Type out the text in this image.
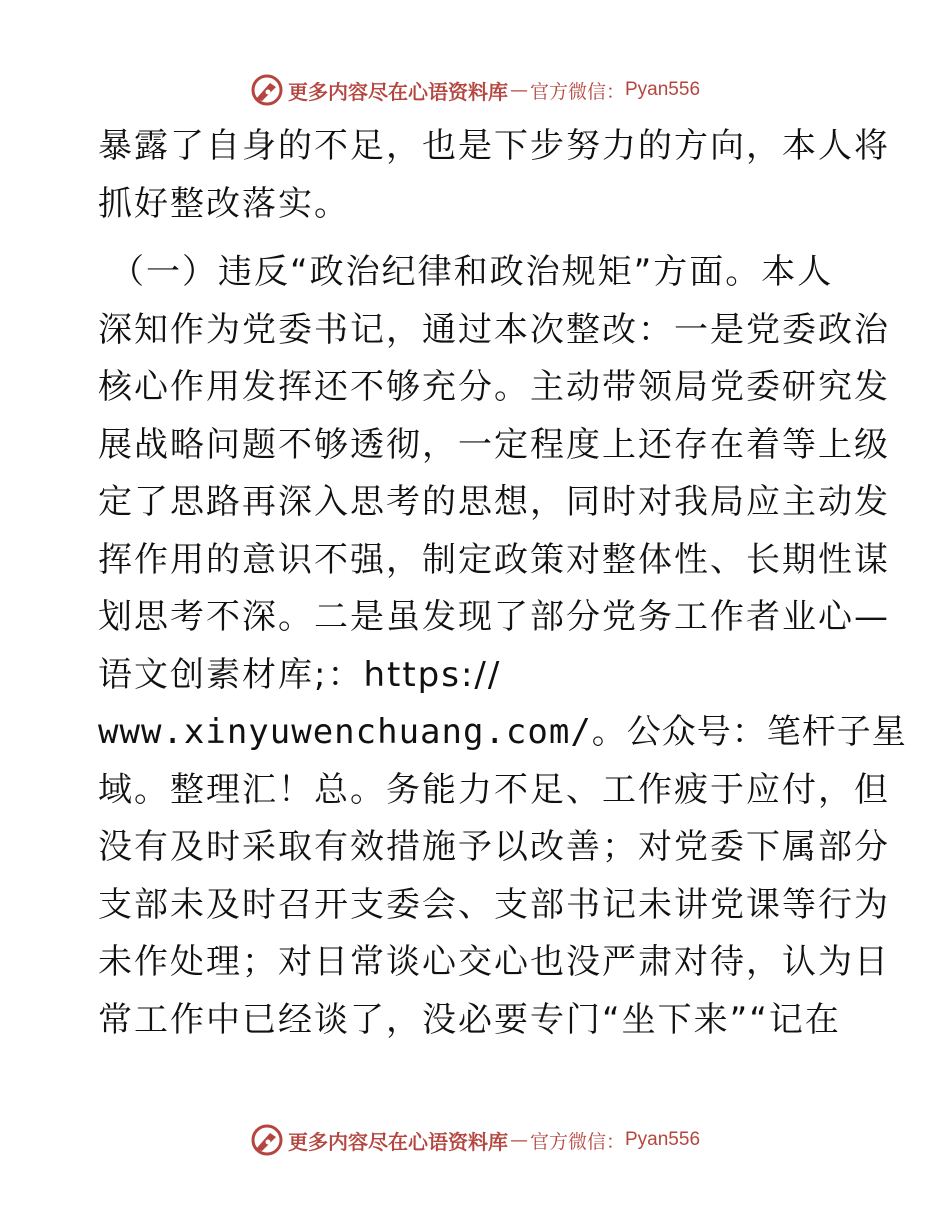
更多内容尽在心语资料库 — 官方微信： Pyan556
暴露了自身的不足，也是下步努力的方向，本人将
抓好整改落实。
（一）违反“政治纪律和政治规矩”方面。本人
深知作为党委书记，通过本次整改：一是党委政治
核心作用发挥还不够充分。主动带领局党委研究发
展战略问题不够透彻，一定程度上还存在着等上级
定了思路再深入思考的思想，同时对我局应主动发
挥作用的意识不强，制定政策对整体性、长期性谋
划思考不深。二是虽发现了部分党务工作者业心—
语文创素材库;：https://
www.xinyuwenchuang.com/。公众号：笔杆子星
域。整理汇！总。务能力不足、工作疲于应付，但
没有及时采取有效措施予以改善；对党委下属部分
支部未及时召开支委会、支部书记未讲党课等行为
未作处理；对日常谈心交心也没严肃对待，认为日
常工作中已经谈了，没必要专门“坐下来”“记在
更多内容尽在心语资料库 — 官方微信： Pyan556
